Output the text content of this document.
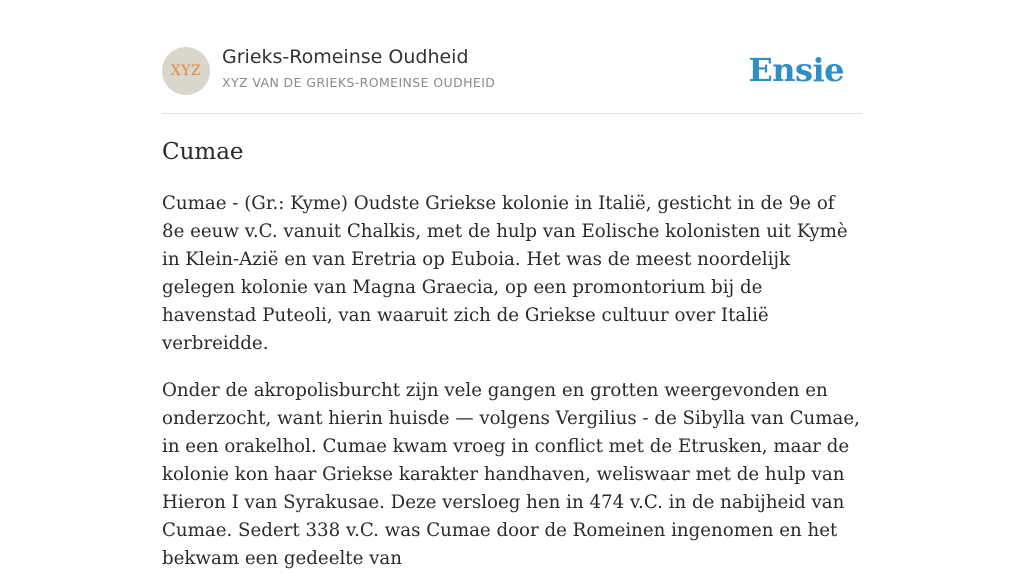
XYZ
Grieks-Romeinse Oudheid
XYZ VAN DE GRIEKS-ROMEINSE OUDHEID	Ensie
Cumae

Cumae - (Gr.: Kyme) Oudste Griekse kolonie in Italië, gesticht in de 9e of 8e eeuw v.C. vanuit Chalkis, met de hulp van Eolische kolonisten uit Kymè in Klein-Azië en van Eretria op Euboia. Het was de meest noordelijk gelegen kolonie van Magna Graecia, op een promontorium bij de havenstad Puteoli, van waaruit zich de Griekse cultuur over Italië verbreidde.

Onder de akropolisburcht zijn vele gangen en grotten weergevonden en onderzocht, want hierin huisde — volgens Vergilius - de Sibylla van Cumae, in een orakelhol. Cumae kwam vroeg in conflict met de Etrusken, maar de kolonie kon haar Griekse karakter handhaven, weliswaar met de hulp van Hieron I van Syrakusae. Deze versloeg hen in 474 v.C. in de nabijheid van Cumae. Sedert 338 v.C. was Cumae door de Romeinen ingenomen en het bekwam een gedeelte van
